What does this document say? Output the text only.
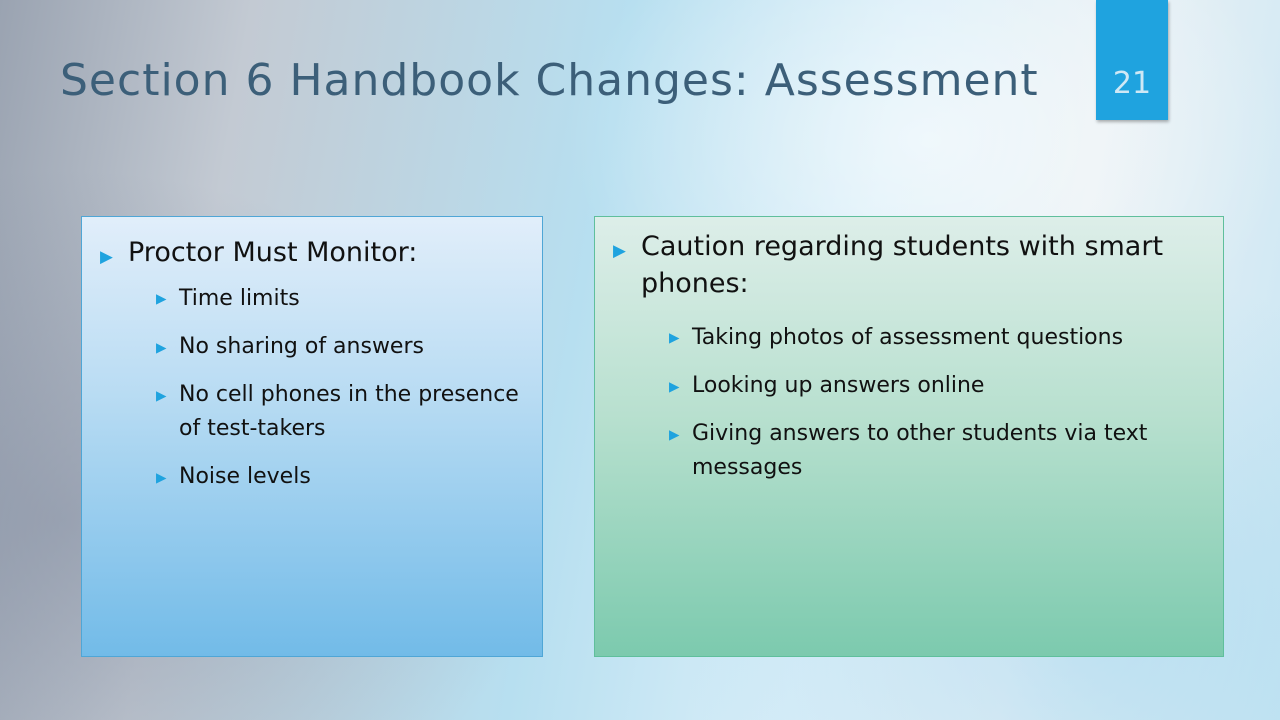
Section 6 Handbook Changes: Assessment	21
▶ Proctor Must Monitor:
▶ Time limits
▶ No sharing of answers
▶ No cell phones in the presence of test-takers
▶ Noise levels
▶ Caution regarding students with smart phones:
▶ Taking photos of assessment questions
▶ Looking up answers online
▶ Giving answers to other students via text messages
